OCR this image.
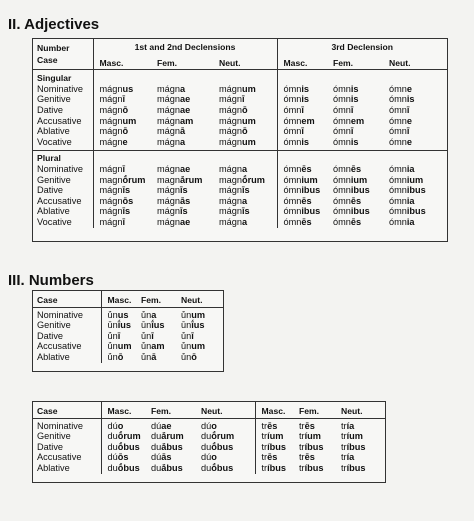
II. Adjectives
Number	1st and 2nd Declensions			3rd Declension		
Case	Masc.	Fem.	Neut.	Masc.	Fem.	Neut.
Singular						
Nominative	mágnus	mágna	mágnum	ómnis	ómnis	ómne
Genitive	mágnī	mágnae	mágnī	ómnis	ómnis	ómnis
Dative	mágnō	mágnae	mágnō	ómnī	ómnī	ómnī
Accusative	mágnum	mágnam	mágnum	ómnem	ómnem	ómne
Ablative	mágnō	mágnā	mágnō	ómnī	ómnī	ómnī
Vocative	mágne	mágna	mágnum	ómnis	ómnis	ómne
Plural						
Nominative	mágnī	mágnae	mágna	ómnēs	ómnēs	ómnia
Genitive	magnṓrum	magnā́rum	magnṓrum	ómnium	ómnium	ómnium
Dative	mágnīs	mágnīs	mágnīs	ómnibus	ómnibus	ómnibus
Accusative	mágnōs	mágnās	mágna	ómnēs	ómnēs	ómnia
Ablative	mágnīs	mágnīs	mágnīs	ómnibus	ómnibus	ómnibus
Vocative	mágnī	mágnae	mágna	ómnēs	ómnēs	ómnia
III. Numbers
Case	Masc.	Fem.	Neut.
Nominative	ū́nus	ū́na	ū́num
Genitive	ūnī́us	ūnī́us	ūnī́us
Dative	ū́nī	ū́nī	ū́nī
Accusative	ū́num	ū́nam	ū́num
Ablative	ū́nō	ū́nā	ū́nō
Case	Masc.	Fem.	Neut.	Masc.	Fem.	Neut.
Nominative	dúo	dúae	dúo	trēs	trēs	tría
Genitive	duṓrum	duā́rum	duṓrum	tríum	tríum	tríum
Dative	duṓbus	duā́bus	duṓbus	tríbus	tríbus	tríbus
Accusative	dúōs	dúās	dúo	trēs	trēs	tría
Ablative	duṓbus	duā́bus	duṓbus	tríbus	tríbus	tríbus
